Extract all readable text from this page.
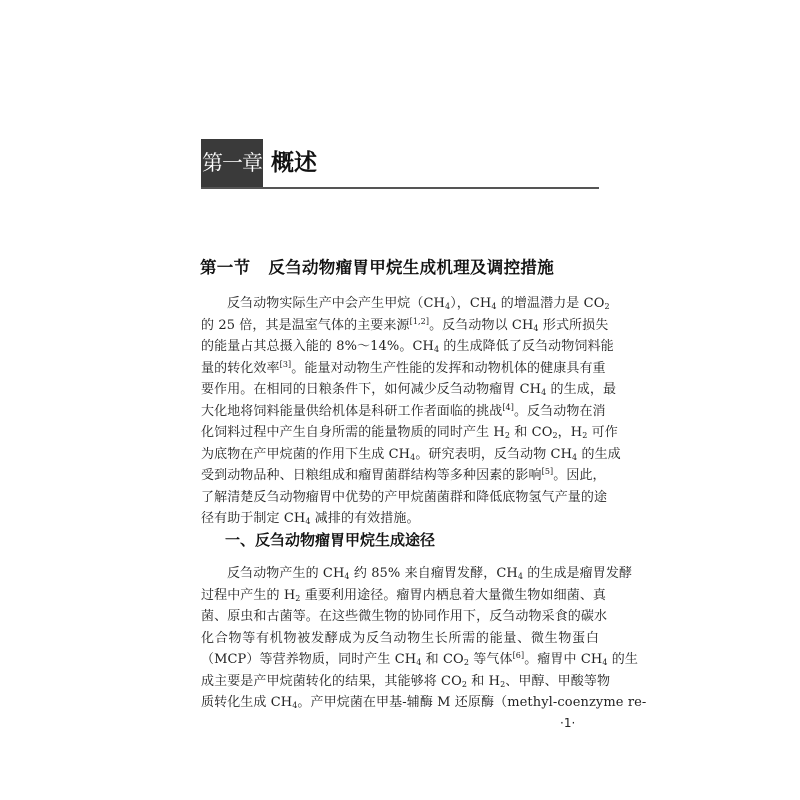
第一章 概述
第一节 反刍动物瘤胃甲烷生成机理及调控措施
反刍动物实际生产中会产生甲烷$(CH_4)$，$CH_4$ 的增温潜力是 $CO_2$
的 25 倍，其是温室气体的主要来源[1,2]。反刍动物以 $CH_4$ 形式所损失
的能量占其总摄入能的 8%～14%。$CH_4$ 的生成降低了反刍动物饲料能
量的转化效率[3]。能量对动物生产性能的发挥和动物机体的健康具有重
要作用。在相同的日粮条件下，如何减少反刍动物瘤胃 $CH_4$ 的生成，最
大化地将饲料能量供给机体是科研工作者面临的挑战[4]。反刍动物在消
化饲料过程中产生自身所需的能量物质的同时产生 $H_2$ 和 $CO_2$，$H_2$ 可作
为底物在产甲烷菌的作用下生成 $CH_4$。研究表明，反刍动物 $CH_4$ 的生成
受到动物品种、日粮组成和瘤胃菌群结构等多种因素的影响[5]。因此，
了解清楚反刍动物瘤胃中优势的产甲烷菌菌群和降低底物氢气产量的途
径有助于制定 $CH_4$ 减排的有效措施。
一、反刍动物瘤胃甲烷生成途径
反刍动物产生的 $CH_4$ 约 85% 来自瘤胃发酵，$CH_4$ 的生成是瘤胃发酵
过程中产生的 $H_2$ 重要利用途径。瘤胃内栖息着大量微生物如细菌、真
菌、原虫和古菌等。在这些微生物的协同作用下，反刍动物采食的碳水
化合物等有机物被发酵成为反刍动物生长所需的能量、微生物蛋白
（MCP）等营养物质，同时产生 $CH_4$ 和 $CO_2$ 等气体[6]。瘤胃中 $CH_4$ 的生
成主要是产甲烷菌转化的结果，其能够将 $CO_2$ 和 $H_2$、甲醇、甲酸等物
质转化生成 $CH_4$。产甲烷菌在甲基-辅酶 M 还原酶（methyl-coenzyme re-
·1·
